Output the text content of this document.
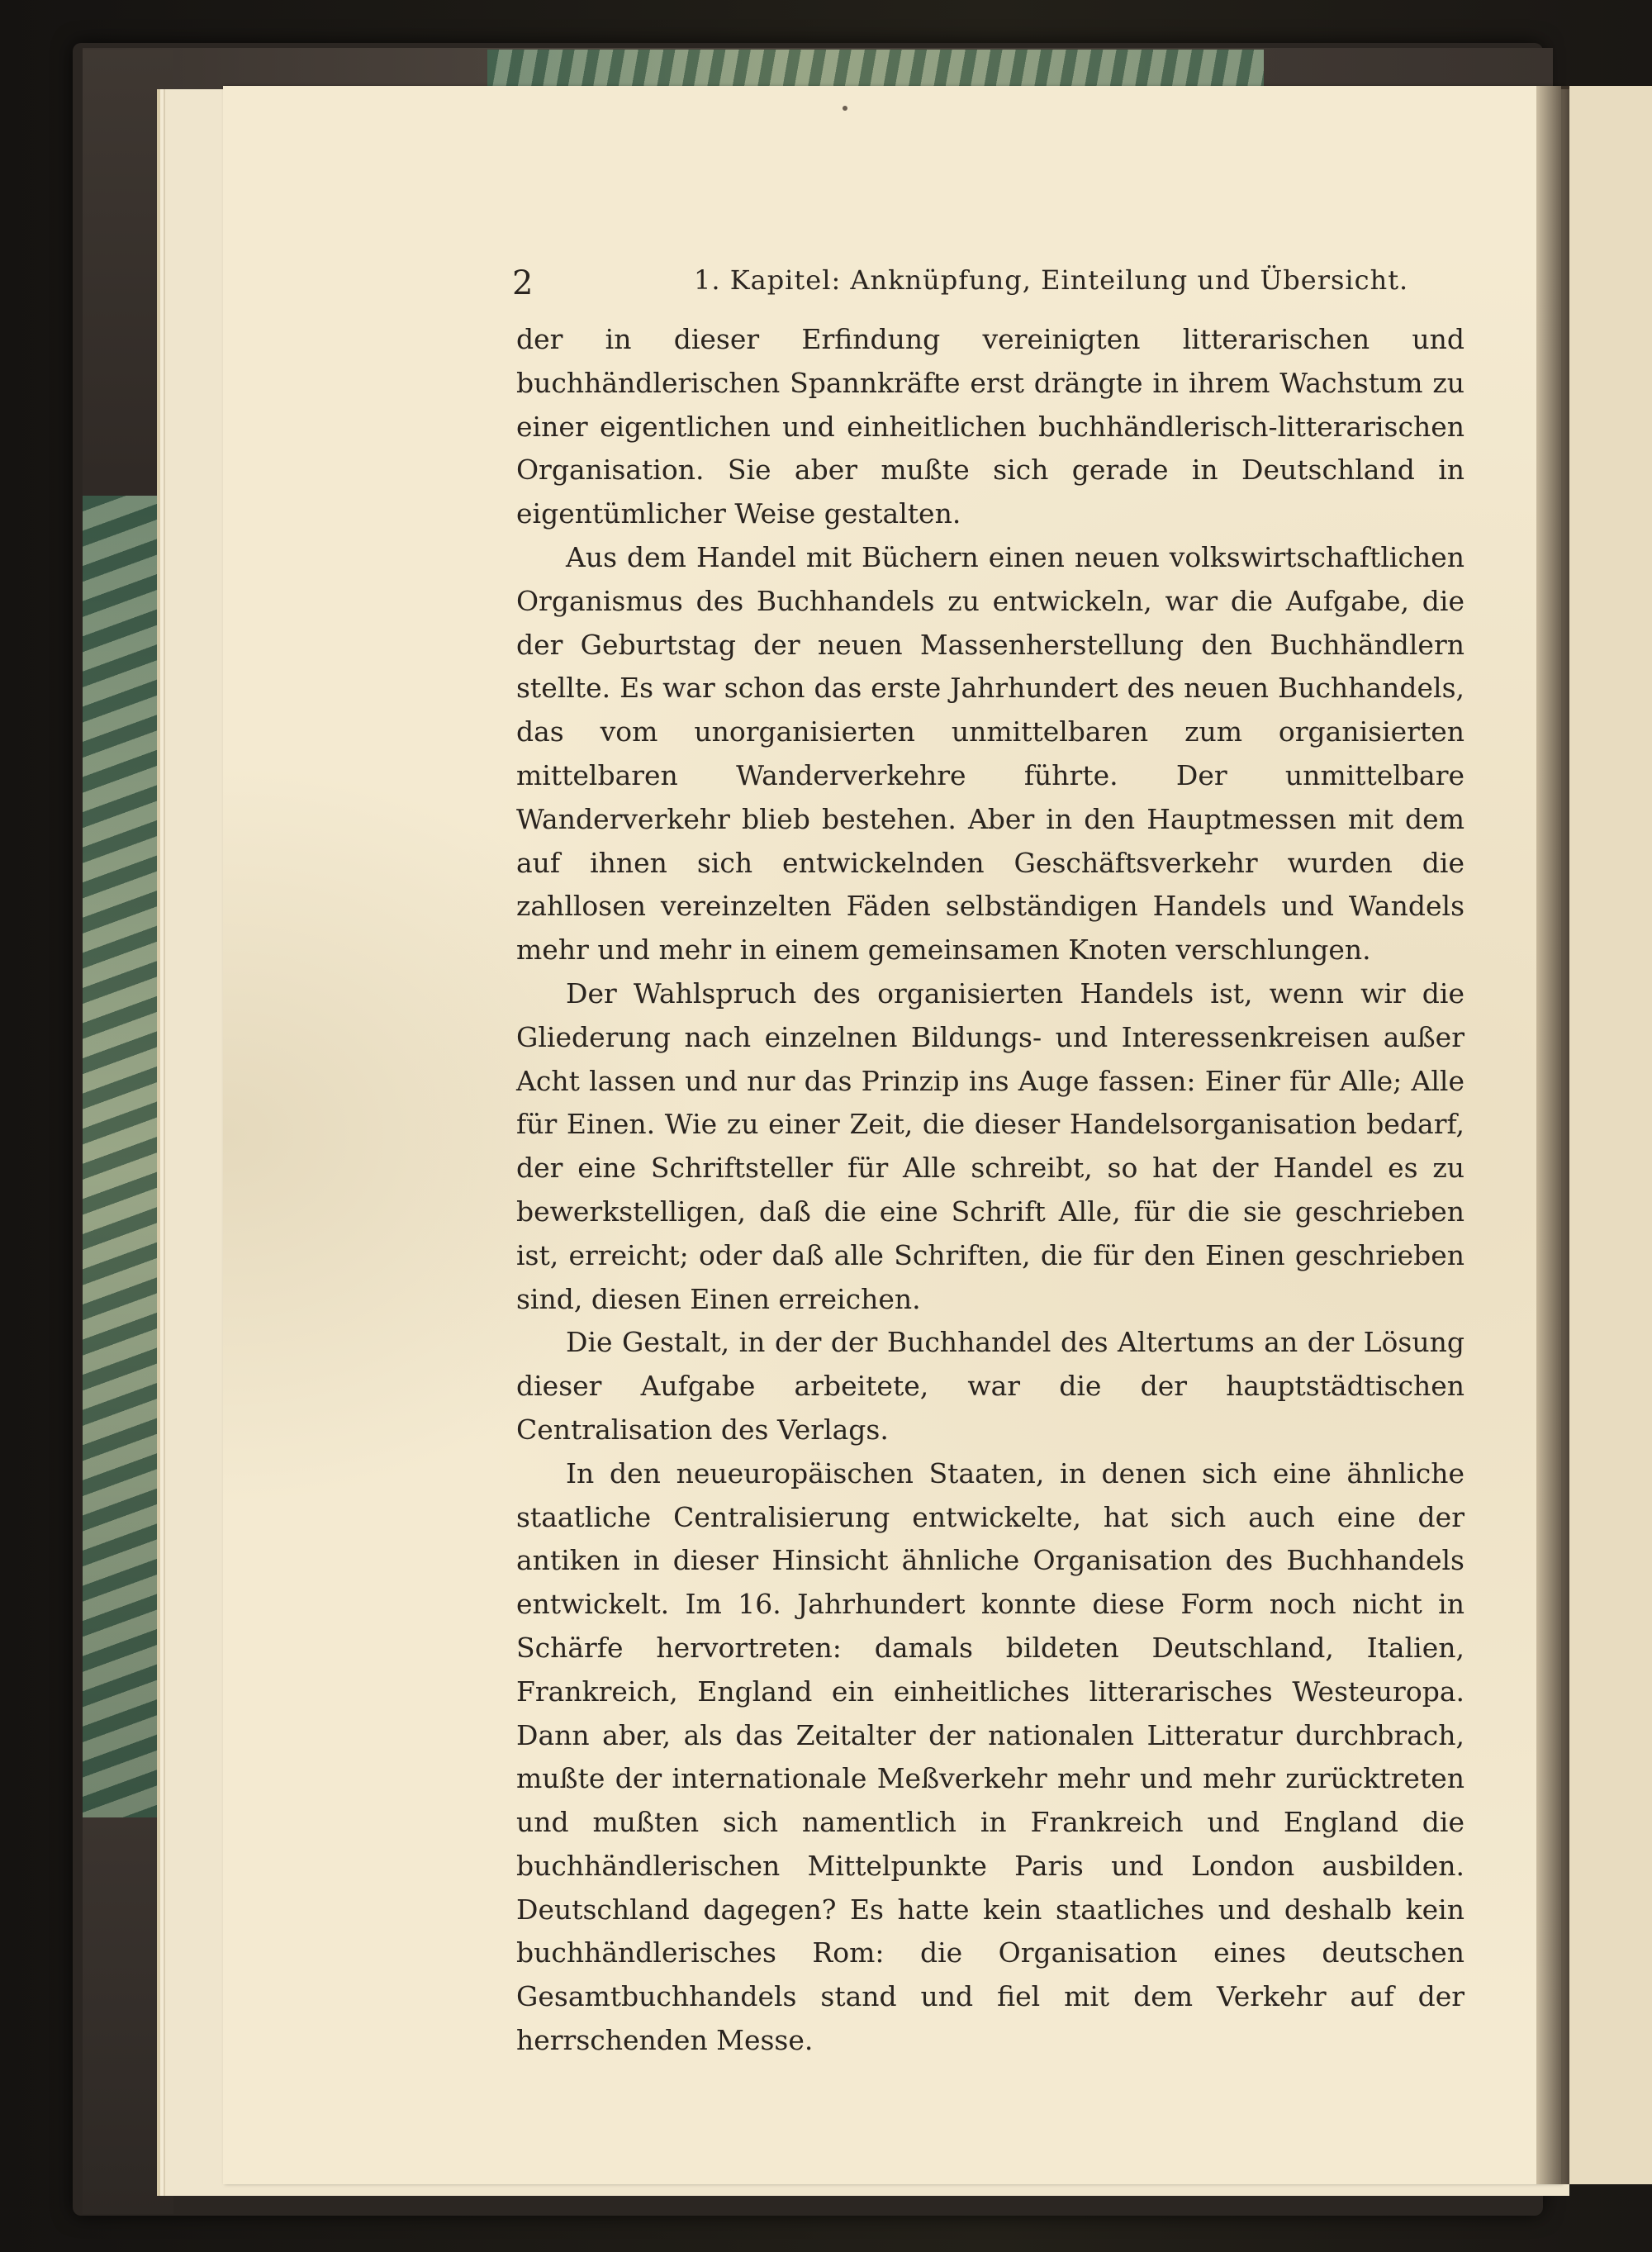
2	1. Kapitel: Anknüpfung, Einteilung und Übersicht.

der in dieser Erfindung vereinigten litterarischen und buchhändlerischen Spannkräfte erst drängte in ihrem Wachstum zu einer eigentlichen und einheitlichen buchhändlerisch-litterarischen Organisation. Sie aber mußte sich gerade in Deutschland in eigentümlicher Weise gestalten.

Aus dem Handel mit Büchern einen neuen volkswirtschaftlichen Organismus des Buchhandels zu entwickeln, war die Aufgabe, die der Geburtstag der neuen Massenherstellung den Buchhändlern stellte. Es war schon das erste Jahrhundert des neuen Buchhandels, das vom unorganisierten unmittelbaren zum organisierten mittelbaren Wanderverkehre führte. Der unmittelbare Wanderverkehr blieb bestehen. Aber in den Hauptmessen mit dem auf ihnen sich entwickelnden Geschäftsverkehr wurden die zahllosen vereinzelten Fäden selbständigen Handels und Wandels mehr und mehr in einem gemeinsamen Knoten verschlungen.

Der Wahlspruch des organisierten Handels ist, wenn wir die Gliederung nach einzelnen Bildungs- und Interessenkreisen außer Acht lassen und nur das Prinzip ins Auge fassen: Einer für Alle; Alle für Einen. Wie zu einer Zeit, die dieser Handelsorganisation bedarf, der eine Schriftsteller für Alle schreibt, so hat der Handel es zu bewerkstelligen, daß die eine Schrift Alle, für die sie geschrieben ist, erreicht; oder daß alle Schriften, die für den Einen geschrieben sind, diesen Einen erreichen.

Die Gestalt, in der der Buchhandel des Altertums an der Lösung dieser Aufgabe arbeitete, war die der hauptstädtischen Centralisation des Verlags.

In den neueuropäischen Staaten, in denen sich eine ähnliche staatliche Centralisierung entwickelte, hat sich auch eine der antiken in dieser Hinsicht ähnliche Organisation des Buchhandels entwickelt. Im 16. Jahrhundert konnte diese Form noch nicht in Schärfe hervortreten: damals bildeten Deutschland, Italien, Frankreich, England ein einheitliches litterarisches Westeuropa. Dann aber, als das Zeitalter der nationalen Litteratur durchbrach, mußte der internationale Meßverkehr mehr und mehr zurücktreten und mußten sich namentlich in Frankreich und England die buchhändlerischen Mittelpunkte Paris und London ausbilden. Deutschland dagegen? Es hatte kein staatliches und deshalb kein buchhändlerisches Rom: die Organisation eines deutschen Gesamtbuchhandels stand und fiel mit dem Verkehr auf der herrschenden Messe.
